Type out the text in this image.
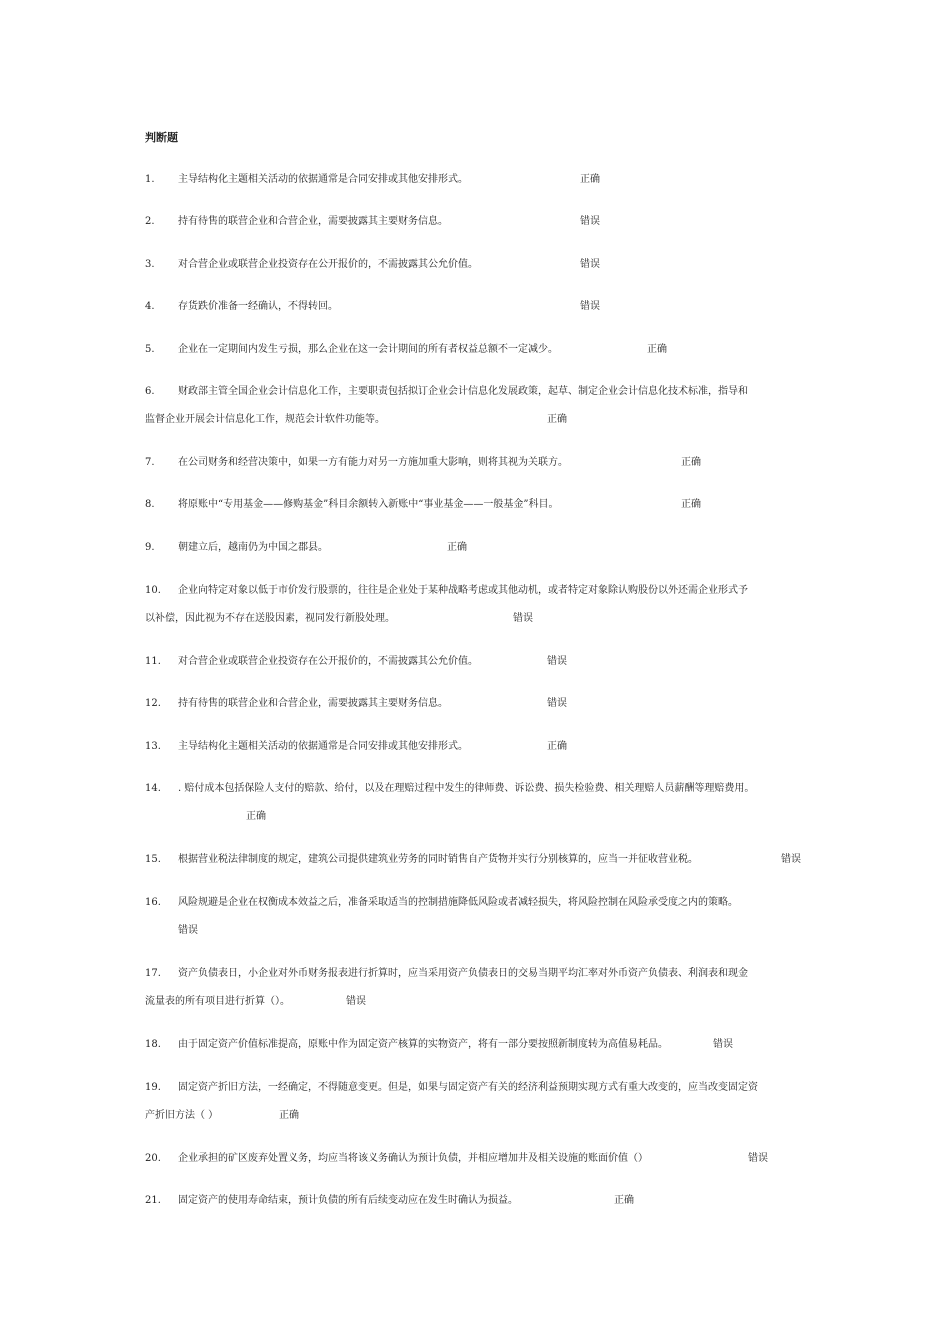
判断题
1. 主导结构化主题相关活动的依据通常是合同安排或其他安排形式。	正确
2. 持有待售的联营企业和合营企业，需要披露其主要财务信息。	错误
3. 对合营企业或联营企业投资存在公开报价的，不需披露其公允价值。	错误
4. 存货跌价准备一经确认，不得转回。	错误
5. 企业在一定期间内发生亏损，那么企业在这一会计期间的所有者权益总额不一定减少。	正确
6. 财政部主管全国企业会计信息化工作，主要职责包括拟订企业会计信息化发展政策，起草、制定企业会计信息化技术标准，指导和
监督企业开展会计信息化工作，规范会计软件功能等。	正确
7. 在公司财务和经营决策中，如果一方有能力对另一方施加重大影响，则将其视为关联方。	正确
8. 将原账中“专用基金——修购基金”科目余额转入新账中“事业基金——一般基金”科目。	正确
9. 朝建立后，越南仍为中国之郡县。	正确
10. 企业向特定对象以低于市价发行股票的，往往是企业处于某种战略考虑或其他动机，或者特定对象除认购股份以外还需企业形式予
以补偿，因此视为不存在送股因素，视同发行新股处理。	错误
11. 对合营企业或联营企业投资存在公开报价的，不需披露其公允价值。	错误
12. 持有待售的联营企业和合营企业，需要披露其主要财务信息。	错误
13. 主导结构化主题相关活动的依据通常是合同安排或其他安排形式。	正确
14. . 赔付成本包括保险人支付的赔款、给付，以及在理赔过程中发生的律师费、诉讼费、损失检验费、相关理赔人员薪酬等理赔费用。
正确
15. 根据营业税法律制度的规定，建筑公司提供建筑业劳务的同时销售自产货物并实行分别核算的，应当一并征收营业税。	错误
16. 风险规避是企业在权衡成本效益之后，准备采取适当的控制措施降低风险或者减轻损失，将风险控制在风险承受度之内的策略。
错误
17. 资产负债表日，小企业对外币财务报表进行折算时，应当采用资产负债表日的交易当期平均汇率对外币资产负债表、利润表和现金
流量表的所有项目进行折算（）。	错误
18. 由于固定资产价值标准提高，原账中作为固定资产核算的实物资产，将有一部分要按照新制度转为高值易耗品。	错误
19. 固定资产折旧方法，一经确定，不得随意变更。但是，如果与固定资产有关的经济利益预期实现方式有重大改变的，应当改变固定资
产折旧方法（ ）	正确
20. 企业承担的矿区废弃处置义务，均应当将该义务确认为预计负债，并相应增加井及相关设施的账面价值（）	错误
21. 固定资产的使用寿命结束，预计负债的所有后续变动应在发生时确认为损益。	正确
